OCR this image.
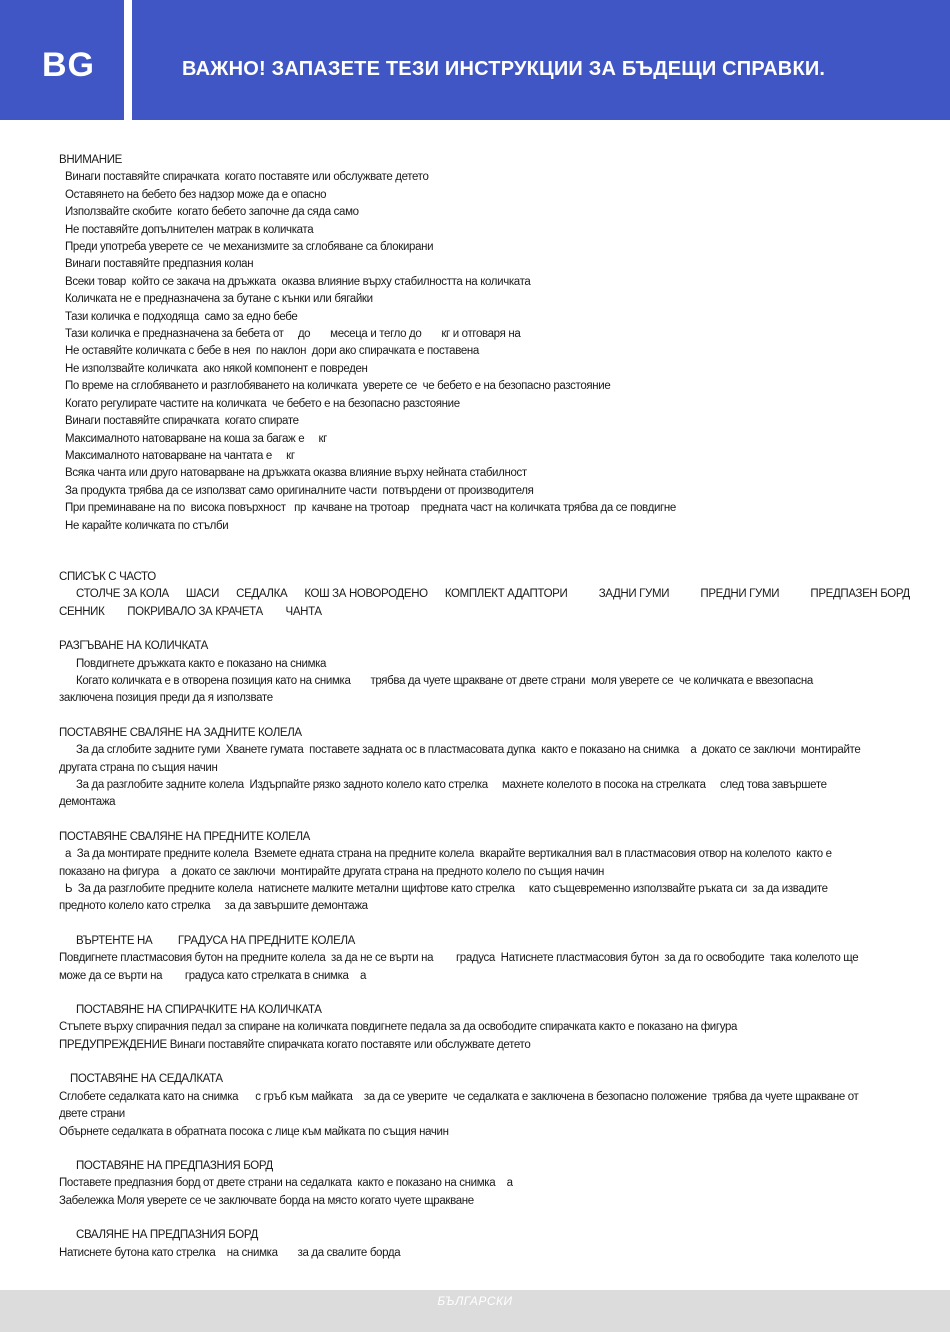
BG	ВАЖНО! ЗАПАЗЕТЕ ТЕЗИ ИНСТРУКЦИИ ЗА БЪДЕЩИ СПРАВКИ.
ВНИМАНИЕ
Винаги поставяйте спирачката  когато поставяте или обслужвате детето
Оставянето на бебето без надзор може да е опасно
Използвайте скобите  когато бебето започне да сяда само
Не поставяйте допълнителен матрак в количката
Преди употреба уверете се  че механизмите за сглобяване са блокирани
Винаги поставяйте предпазния колан
Всеки товар  който се закача на дръжката  оказва влияние върху стабилността на количката
Количката не е предназначена за бутане с кънки или бягайки
Тази количка е подходяща  само за едно бебе
Тази количка е предназначена за бебета от     до       месеца и тегло до       кг и отговаря на
Не оставяйте количката с бебе в нея  по наклон  дори ако спирачката е поставена
Не използвайте количката  ако някой компонент е повреден
По време на сглобяването и разглобяването на количката  уверете се  че бебето е на безопасно разстояние
Когато регулирате частите на количката  че бебето е на безопасно разстояние
Винаги поставяйте спирачката  когато спирате
Максималното натоварване на коша за багаж е     кг
Максималното натоварване на чантата е     кг
Всяка чанта или друго натоварване на дръжката оказва влияние върху нейната стабилност
За продукта трябва да се използват само оригиналните части  потвърдени от производителя
При преминаване на по  висока повърхност   пр  качване на тротоар    предната част на количката трябва да се повдигне
Не карайте количката по стълби
СПИСЪК С ЧАСТО
СТОЛЧЕ ЗА КОЛА      ШАСИ      СЕДАЛКА      КОШ ЗА НОВОРОДЕНО      КОМПЛЕКТ АДАПТОРИ           ЗАДНИ ГУМИ           ПРЕДНИ ГУМИ           ПРЕДПАЗЕН БОРД
СЕННИК        ПОКРИВАЛО ЗА КРАЧЕТА        ЧАНТА
РАЗГЪВАНЕ НА КОЛИЧКАТА
Повдигнете дръжката както е показано на снимка
Когато количката е в отворена позиция като на снимка       трябва да чуете щракване от двете страни  моля уверете се  че количката е ввезопасна
заключена позиция преди да я използвате
ПОСТАВЯНЕ СВАЛЯНЕ НА ЗАДНИТЕ КОЛЕЛА
За да сглобите задните гуми  Хванете гумата  поставете задната ос в пластмасовата дупка  както е показано на снимка    а  докато се заключи  монтирайте
другата страна по същия начин
За да разглобите задните колела  Издърпайте рязко задното колело като стрелка     махнете колелото в посока на стрелката     след това завършете
демонтажа
ПОСТАВЯНЕ СВАЛЯНЕ НА ПРЕДНИТЕ КОЛЕЛА
а  За да монтирате предните колела  Вземете едната страна на предните колела  вкарайте вертикалния вал в пластмасовия отвор на колелото  както е
показано на фигура    а  докато се заключи  монтирайте другата страна на предното колело по същия начин
Ь  За да разглобите предните колела  натиснете малките метални щифтове като стрелка     като същевременно използвайте ръката си  за да извадите
предното колело като стрелка     за да завършите демонтажа
ВЪРТЕНТЕ НА         ГРАДУСА НА ПРЕДНИТЕ КОЛЕЛА
Повдигнете пластмасовия бутон на предните колела  за да не се върти на        градуса  Натиснете пластмасовия бутон  за да го освободите  така колелото ще
може да се върти на        градуса като стрелката в снимка    а
ПОСТАВЯНЕ НА СПИРАЧКИТЕ НА КОЛИЧКАТА
Стъпете върху спирачния педал за спиране на количката повдигнете педала за да освободите спирачката както е показано на фигура
ПРЕДУПРЕЖДЕНИЕ Винаги поставяйте спирачката когато поставяте или обслужвате детето
ПОСТАВЯНЕ НА СЕДАЛКАТА
Сглобете седалката като на снимка      с гръб към майката    за да се уверите  че седалката е заключена в безопасно положение  трябва да чуете щракване от
двете страни
Обърнете седалката в обратната посока с лице към майката по същия начин
ПОСТАВЯНЕ НА ПРЕДПАЗНИЯ БОРД
Поставете предпазния борд от двете страни на седалката  както е показано на снимка    а
Забележка Моля уверете се че заключвате борда на място когато чуете щракване
СВАЛЯНЕ НА ПРЕДПАЗНИЯ БОРД
Натиснете бутона като стрелка    на снимка       за да свалите борда
БЪЛГАРСКИ
